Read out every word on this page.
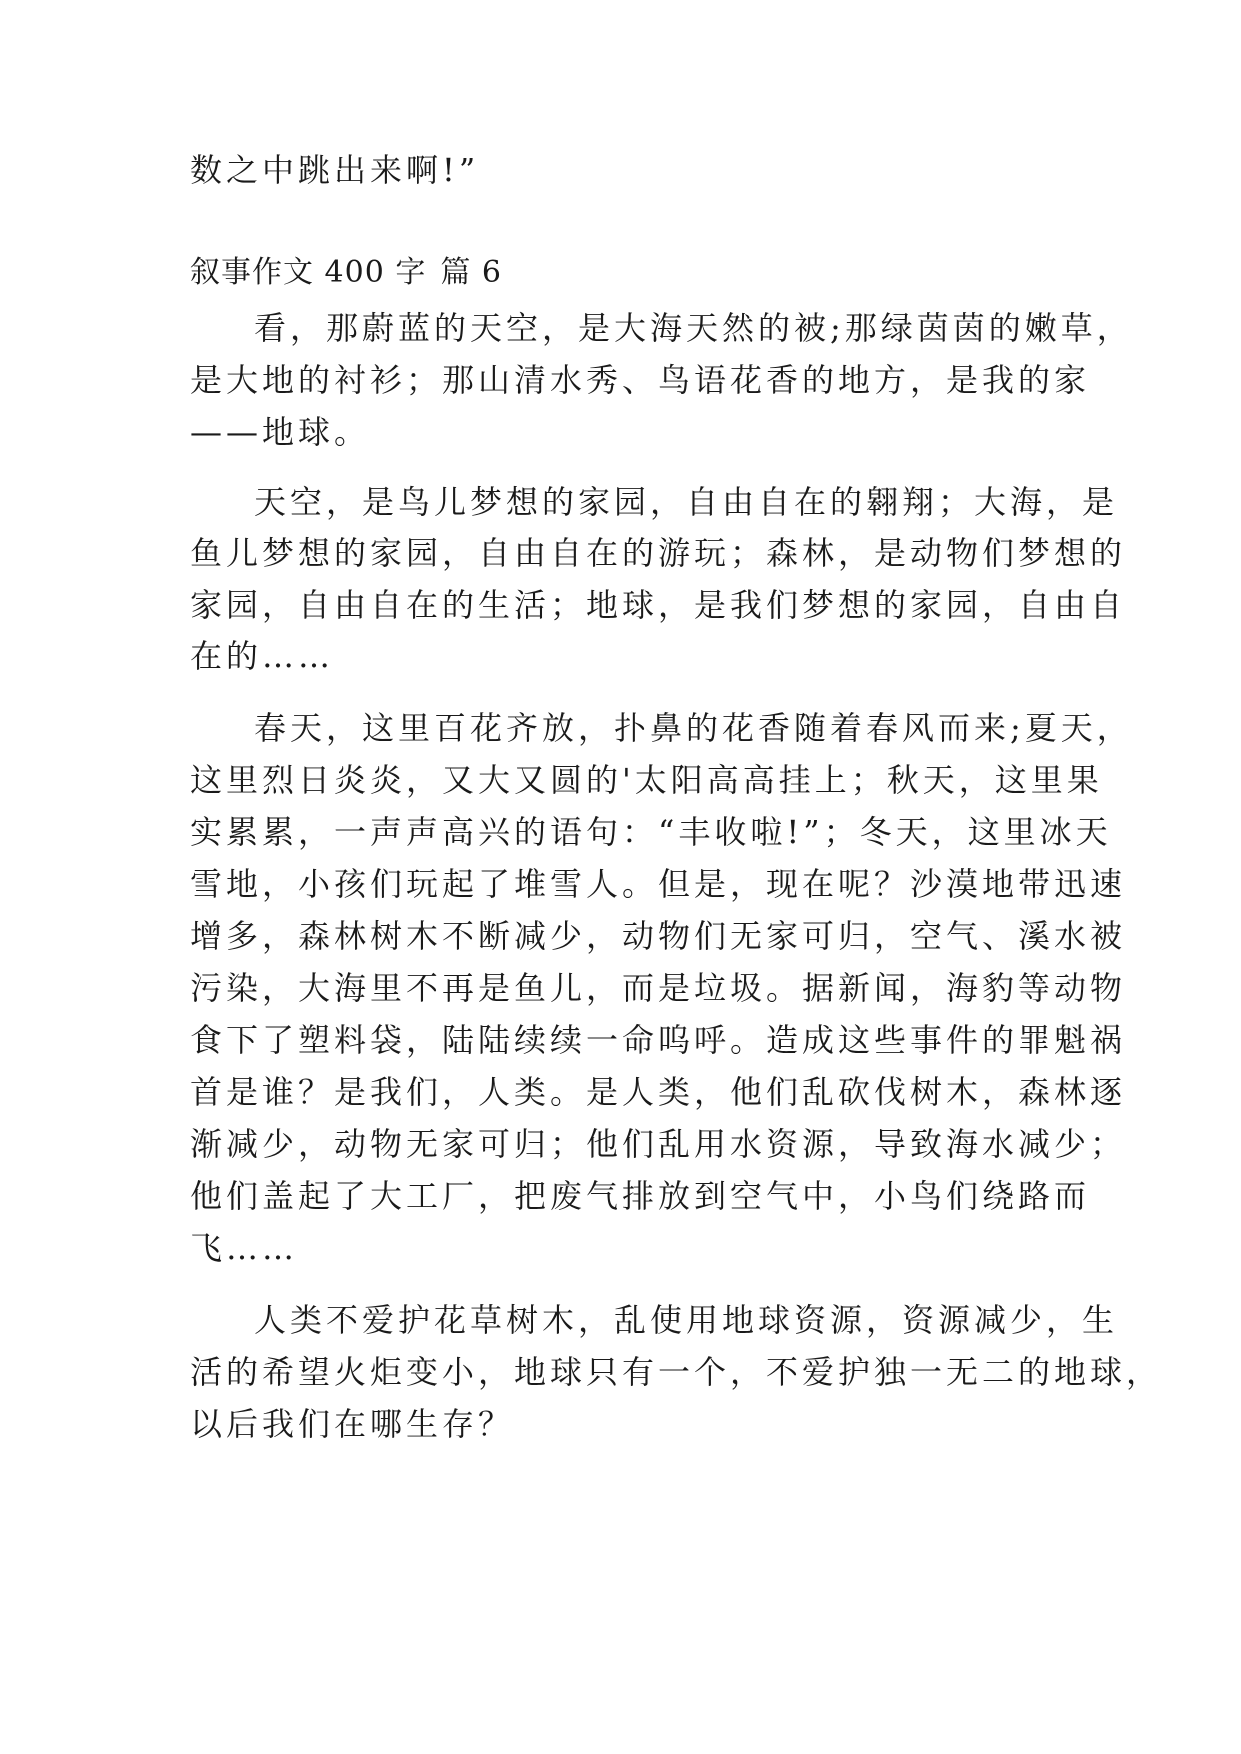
数之中跳出来啊!”
叙事作文 400 字 篇 6
看，那蔚蓝的天空，是大海天然的被;那绿茵茵的嫩草，
是大地的衬衫；那山清水秀、鸟语花香的地方，是我的家
——地球。
天空，是鸟儿梦想的家园，自由自在的翱翔；大海，是
鱼儿梦想的家园，自由自在的游玩；森林，是动物们梦想的
家园，自由自在的生活；地球，是我们梦想的家园，自由自
在的……
春天，这里百花齐放，扑鼻的花香随着春风而来;夏天，
这里烈日炎炎，又大又圆的'太阳高高挂上；秋天，这里果
实累累，一声声高兴的语句：“丰收啦!”；冬天，这里冰天
雪地，小孩们玩起了堆雪人。但是，现在呢？沙漠地带迅速
增多，森林树木不断减少，动物们无家可归，空气、溪水被
污染，大海里不再是鱼儿，而是垃圾。据新闻，海豹等动物
食下了塑料袋，陆陆续续一命呜呼。造成这些事件的罪魁祸
首是谁？是我们，人类。是人类，他们乱砍伐树木，森林逐
渐减少，动物无家可归；他们乱用水资源，导致海水减少；
他们盖起了大工厂，把废气排放到空气中，小鸟们绕路而
飞……
人类不爱护花草树木，乱使用地球资源，资源减少，生
活的希望火炬变小，地球只有一个，不爱护独一无二的地球，
以后我们在哪生存？
